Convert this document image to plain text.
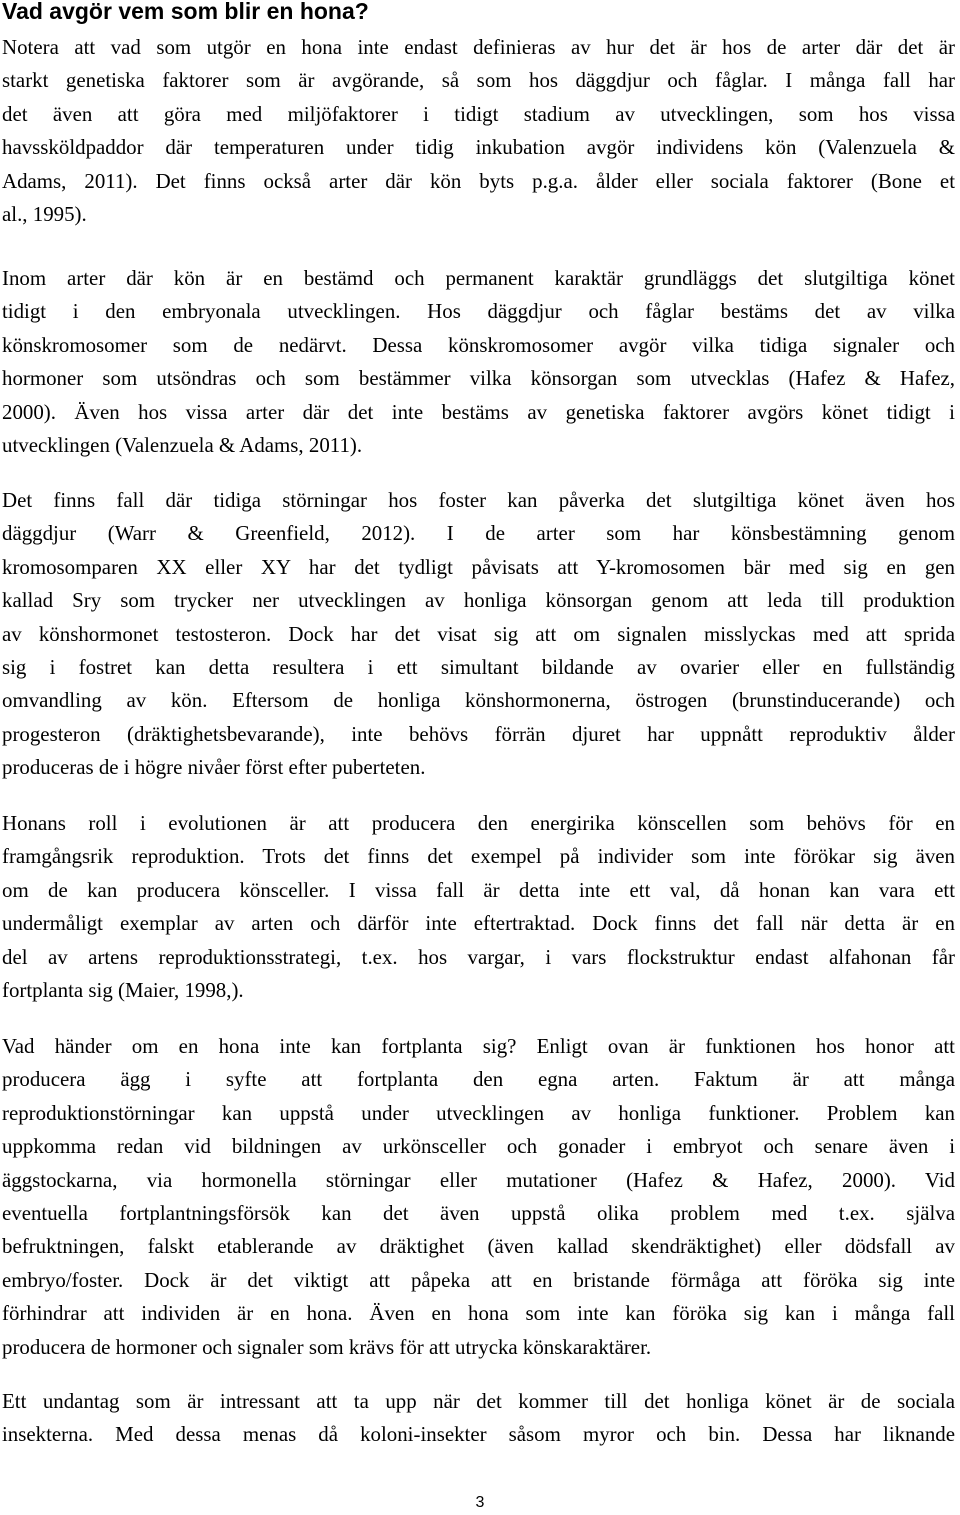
Vad avgör vem som blir en hona?
Notera att vad som utgör en hona inte endast definieras av hur det är hos de arter där det är
starkt genetiska faktorer som är avgörande, så som hos däggdjur och fåglar. I många fall har
det även att göra med miljöfaktorer i tidigt stadium av utvecklingen, som hos vissa
havssköldpaddor där temperaturen under tidig inkubation avgör individens kön (Valenzuela &
Adams, 2011). Det finns också arter där kön byts p.g.a. ålder eller sociala faktorer (Bone et
al., 1995).
Inom arter där kön är en bestämd och permanent karaktär grundläggs det slutgiltiga könet
tidigt i den embryonala utvecklingen. Hos däggdjur och fåglar bestäms det av vilka
könskromosomer som de nedärvt. Dessa könskromosomer avgör vilka tidiga signaler och
hormoner som utsöndras och som bestämmer vilka könsorgan som utvecklas (Hafez & Hafez,
2000). Även hos vissa arter där det inte bestäms av genetiska faktorer avgörs könet tidigt i
utvecklingen (Valenzuela & Adams, 2011).
Det finns fall där tidiga störningar hos foster kan påverka det slutgiltiga könet även hos
däggdjur (Warr & Greenfield, 2012). I de arter som har könsbestämning genom
kromosomparen XX eller XY har det tydligt påvisats att Y-kromosomen bär med sig en gen
kallad Sry som trycker ner utvecklingen av honliga könsorgan genom att leda till produktion
av könshormonet testosteron. Dock har det visat sig att om signalen misslyckas med att sprida
sig i fostret kan detta resultera i ett simultant bildande av ovarier eller en fullständig
omvandling av kön. Eftersom de honliga könshormonerna, östrogen (brunstinducerande) och
progesteron (dräktighetsbevarande), inte behövs förrän djuret har uppnått reproduktiv ålder
produceras de i högre nivåer först efter puberteten.
Honans roll i evolutionen är att producera den energirika könscellen som behövs för en
framgångsrik reproduktion. Trots det finns det exempel på individer som inte förökar sig även
om de kan producera könsceller. I vissa fall är detta inte ett val, då honan kan vara ett
undermåligt exemplar av arten och därför inte eftertraktad. Dock finns det fall när detta är en
del av artens reproduktionsstrategi, t.ex. hos vargar, i vars flockstruktur endast alfahonan får
fortplanta sig (Maier, 1998,).
Vad händer om en hona inte kan fortplanta sig? Enligt ovan är funktionen hos honor att
producera ägg i syfte att fortplanta den egna arten. Faktum är att många
reproduktionstörningar kan uppstå under utvecklingen av honliga funktioner. Problem kan
uppkomma redan vid bildningen av urkönsceller och gonader i embryot och senare även i
äggstockarna, via hormonella störningar eller mutationer (Hafez & Hafez, 2000). Vid
eventuella fortplantningsförsök kan det även uppstå olika problem med t.ex. själva
befruktningen, falskt etablerande av dräktighet (även kallad skendräktighet) eller dödsfall av
embryo/foster. Dock är det viktigt att påpeka att en bristande förmåga att föröka sig inte
förhindrar att individen är en hona. Även en hona som inte kan föröka sig kan i många fall
producera de hormoner och signaler som krävs för att utrycka könskaraktärer.
Ett undantag som är intressant att ta upp när det kommer till det honliga könet är de sociala
insekterna. Med dessa menas då koloni-insekter såsom myror och bin. Dessa har liknande
3
